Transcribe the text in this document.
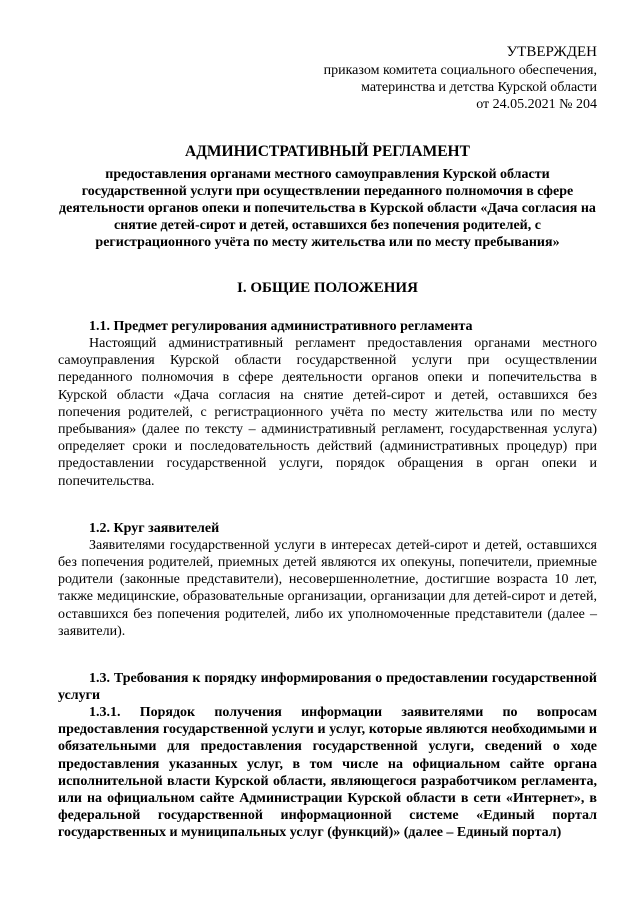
УТВЕРЖДЕН
приказом комитета социального обеспечения,
материнства и детства Курской области
от 24.05.2021 № 204
АДМИНИСТРАТИВНЫЙ РЕГЛАМЕНТ
предоставления органами местного самоуправления Курской области государственной услуги при осуществлении переданного полномочия в сфере деятельности органов опеки и попечительства в Курской области «Дача согласия на снятие детей-сирот и детей, оставшихся без попечения родителей, с регистрационного учёта по месту жительства или по месту пребывания»
I. ОБЩИЕ ПОЛОЖЕНИЯ
1.1. Предмет регулирования административного регламента

Настоящий административный регламент предоставления органами местного самоуправления Курской области государственной услуги при осуществлении переданного полномочия в сфере деятельности органов опеки и попечительства в Курской области «Дача согласия на снятие детей-сирот и детей, оставшихся без попечения родителей, с регистрационного учёта по месту жительства или по месту пребывания» (далее по тексту – административный регламент, государственная услуга) определяет сроки и последовательность действий (административных процедур) при предоставлении государственной услуги, порядок обращения в орган опеки и попечительства.

1.2. Круг заявителей

Заявителями государственной услуги в интересах детей-сирот и детей, оставшихся без попечения родителей, приемных детей являются их опекуны, попечители, приемные родители (законные представители), несовершеннолетние, достигшие возраста 10 лет, также медицинские, образовательные организации, организации для детей-сирот и детей, оставшихся без попечения родителей, либо их уполномоченные представители (далее – заявители).

1.3. Требования к порядку информирования о предоставлении государственной услуги

1.3.1. Порядок получения информации заявителями по вопросам предоставления государственной услуги и услуг, которые являются необходимыми и обязательными для предоставления государственной услуги, сведений о ходе предоставления указанных услуг, в том числе на официальном сайте органа исполнительной власти Курской области, являющегося разработчиком регламента, или на официальном сайте Администрации Курской области в сети «Интернет», в федеральной государственной информационной системе «Единый портал государственных и муниципальных услуг (функций)» (далее – Единый портал)
